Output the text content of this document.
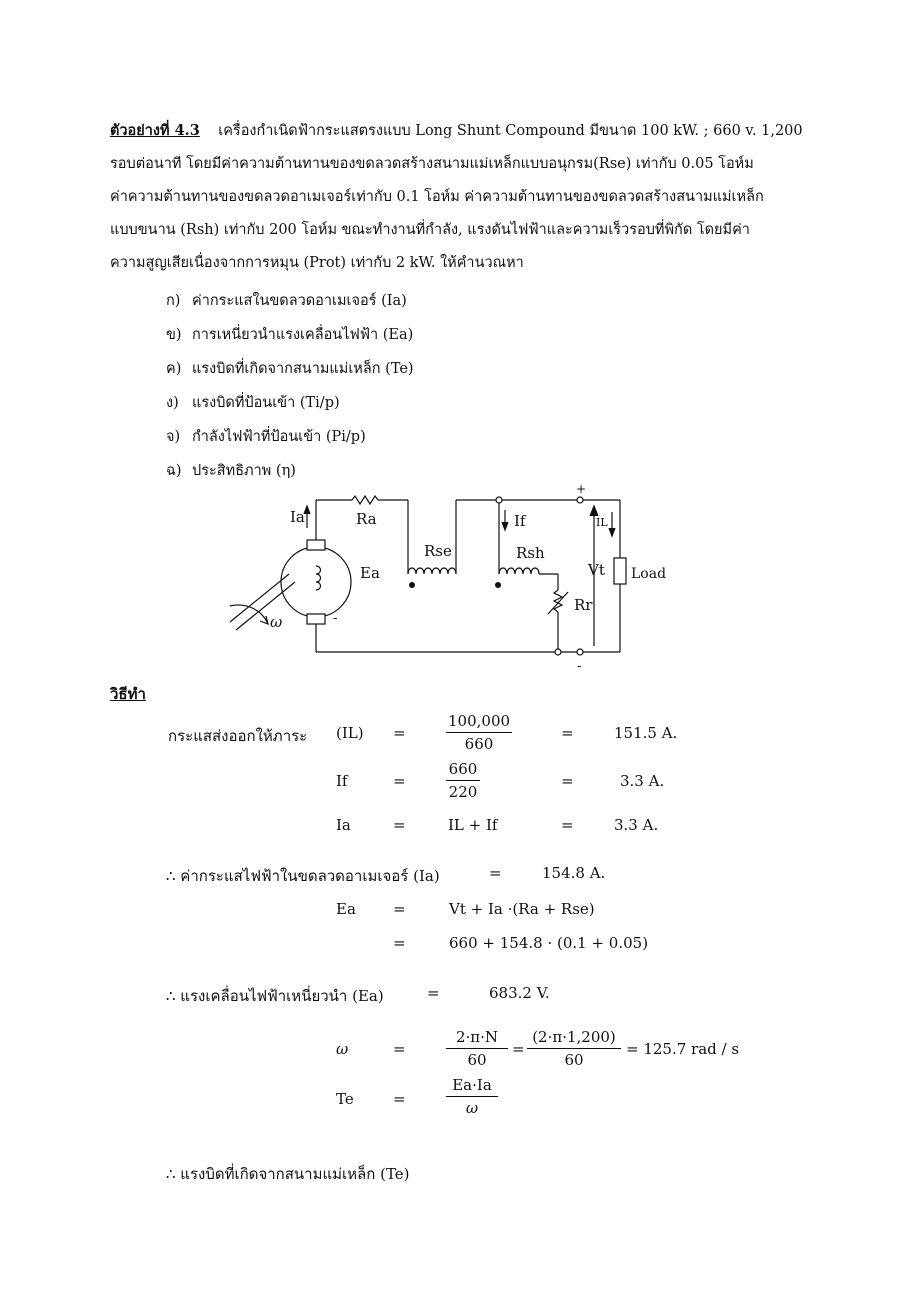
ตัวอย่างที่ 4.3 เครื่องกำเนิดฟ้ากระแสตรงแบบ Long Shunt Compound มีขนาด 100 kW. ; 660 v. 1,200
รอบต่อนาที โดยมีค่าความต้านทานของขดลวดสร้างสนามแม่เหล็กแบบอนุกรม(Rse) เท่ากับ 0.05 โอห์ม
ค่าความต้านทานของขดลวดอาเมเจอร์เท่ากับ 0.1 โอห์ม ค่าความต้านทานของขดลวดสร้างสนามแม่เหล็ก
แบบขนาน (Rsh) เท่ากับ 200 โอห์ม ขณะทำงานที่กำลัง, แรงดันไฟฟ้าและความเร็วรอบที่พิกัด โดยมีค่า
ความสูญเสียเนื่องจากการหมุน (Prot) เท่ากับ 2 kW. ให้คำนวณหา
ก) ค่ากระแสในขดลวดอาเมเจอร์ (Ia)
ข) การเหนี่ยวนำแรงเคลื่อนไฟฟ้า (Ea)
ค) แรงบิดที่เกิดจากสนามแม่เหล็ก (Te)
ง) แรงบิดที่ป้อนเข้า (Ti/p)
จ) กำลังไฟฟ้าที่ป้อนเข้า (Pi/p)
ฉ) ประสิทธิภาพ (η)
Ia	Ra
Ea
ω
Rse
If
Rsh
Rr
IL
Vt Load
+
-
-
วิธีทำ
กระแสส่งออกให้ภาระ (IL) =	$\frac{100,000}{660}$	=	151.5 A.
If	=	$\frac{660}{220}$	=	3.3 A.
Ia	=	IL + If	=	3.3 A.
∴ ค่ากระแสไฟฟ้าในขดลวดอาเมเจอร์ (Ia)	=	154.8 A.
Ea =	Vt + Ia ·(Ra + Rse)
=	660 + 154.8 · (0.1 + 0.05)
∴ แรงเคลื่อนไฟฟ้าเหนี่ยวนำ (Ea)	=	683.2 V.
ω	=	$\frac{2\cdot\pi\cdot N}{60} = \frac{(2\cdot\pi\cdot 1,200)}{60} = 125.7$ rad / s
Te	=	$\frac{Ea\cdot Ia}{\omega}$
∴ แรงบิดที่เกิดจากสนามแม่เหล็ก (Te)
